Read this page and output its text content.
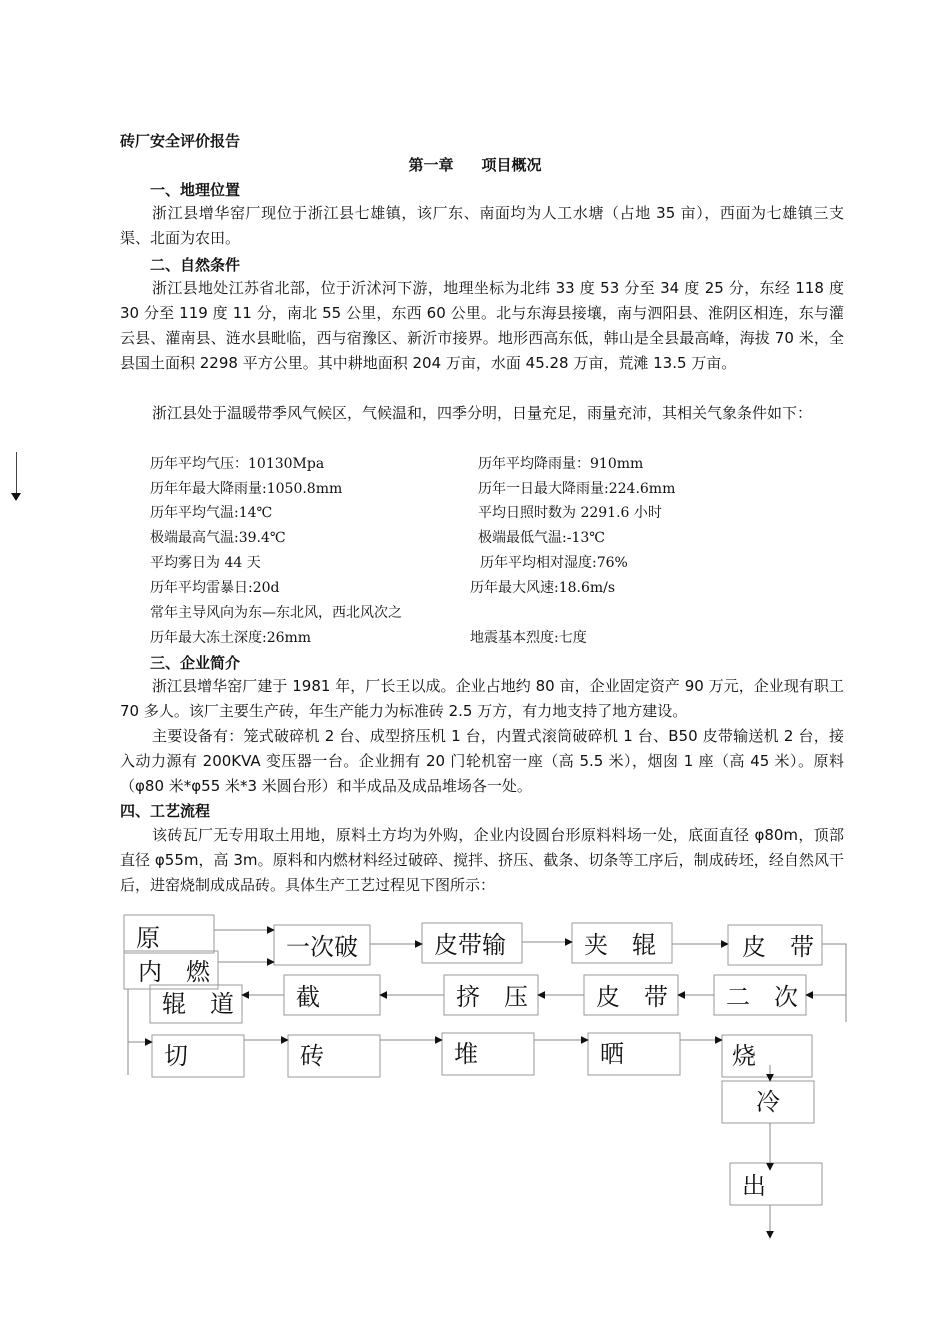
砖厂安全评价报告
第一章 项目概况
一、地理位置
浙江县增华窑厂现位于浙江县七雄镇，该厂东、南面均为人工水塘（占地 35 亩），西面为七雄镇三支渠、北面为农田。
二、自然条件
浙江县地处江苏省北部，位于沂沭河下游，地理坐标为北纬 33 度 53 分至 34 度 25 分，东经 118 度 30 分至 119 度 11 分，南北 55 公里，东西 60 公里。北与东海县接壤，南与泗阳县、淮阴区相连，东与灌云县、灌南县、涟水县毗临，西与宿豫区、新沂市接界。地形西高东低，韩山是全县最高峰，海拔 70 米，全县国土面积 2298 平方公里。其中耕地面积 204 万亩，水面 45.28 万亩，荒滩 13.5 万亩。
浙江县处于温暖带季风气候区，气候温和，四季分明，日量充足，雨量充沛，其相关气象条件如下：
历年平均气压：10130Mpa	历年平均降雨量：910mm
历年年最大降雨量:1050.8mm	历年一日最大降雨量:224.6mm
历年平均气温:14℃	平均日照时数为 2291.6 小时
极端最高气温:39.4℃	极端最低气温:-13℃
平均雾日为 44 天	历年平均相对湿度:76%
历年平均雷暴日:20d	历年最大风速:18.6m/s
常年主导风向为东—东北风，西北风次之
历年最大冻土深度:26mm	地震基本烈度:七度
三、企业简介
浙江县增华窑厂建于 1981 年，厂长王以成。企业占地约 80 亩，企业固定资产 90 万元，企业现有职工 70 多人。该厂主要生产砖，年生产能力为标准砖 2.5 万方，有力地支持了地方建设。
主要设备有：笼式破碎机 2 台、成型挤压机 1 台，内置式滚筒破碎机 1 台、B50 皮带输送机 2 台，接入动力源有 200KVA 变压器一台。企业拥有 20 门轮机窑一座（高 5.5 米），烟囱 1 座（高 45 米）。原料（φ80 米*φ55 米*3 米圆台形）和半成品及成品堆场各一处。
四、工艺流程
该砖瓦厂无专用取土用地，原料土方均为外购，企业内设圆台形原料料场一处，底面直径 φ80m，顶部直径 φ55m，高 3m。原料和内燃材料经过破碎、搅拌、挤压、截条、切条等工序后，制成砖坯，经自然风干后，进窑烧制成成品砖。具体生产工艺过程见下图所示：
原
内　燃
一次破	皮带输	夹　辊	皮　带
二　次
皮　带
挤　压
截
辊　道
切	砖	堆	晒	烧
冷
出
